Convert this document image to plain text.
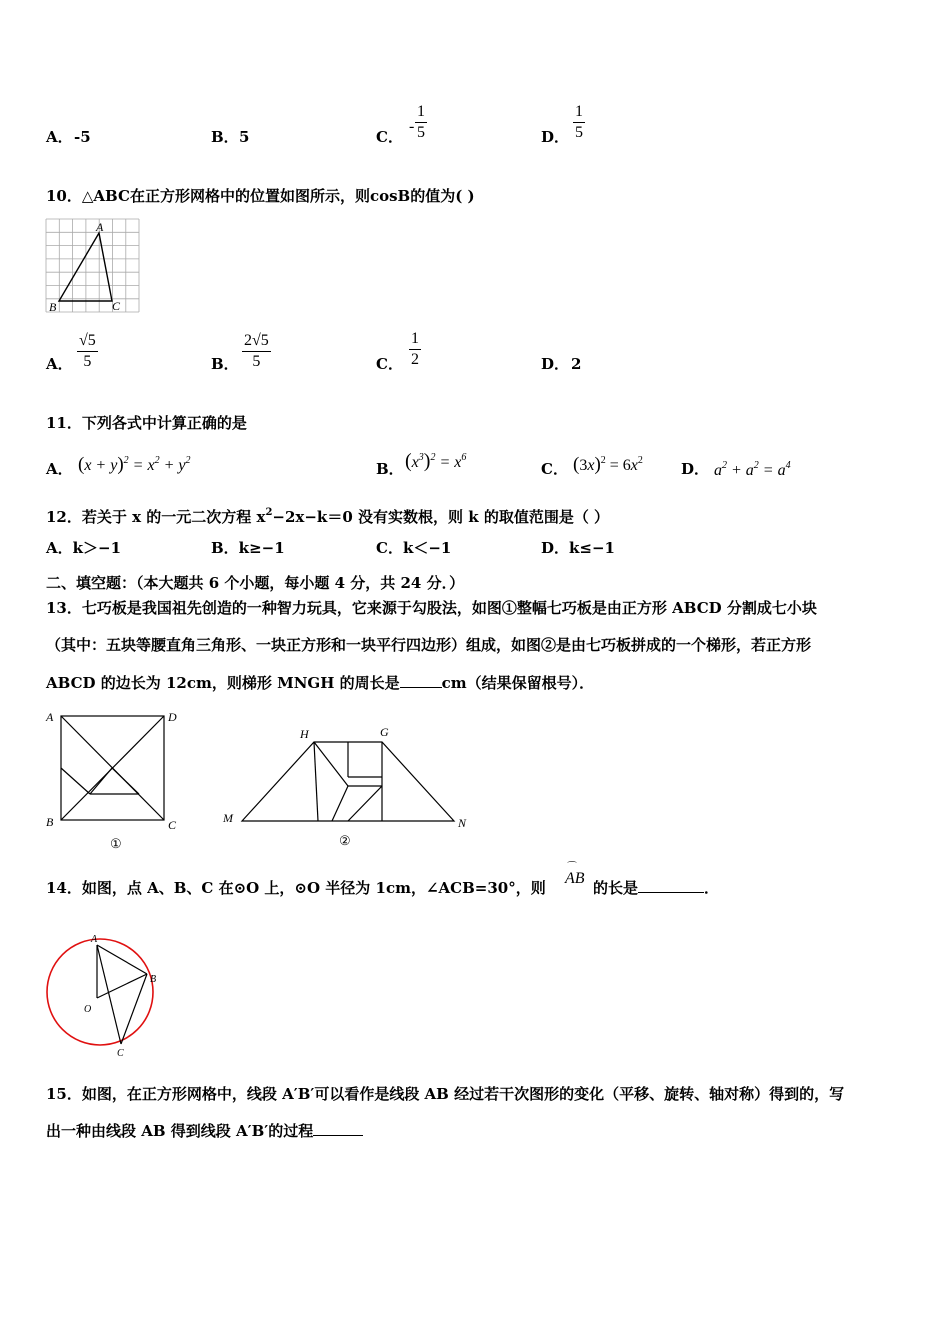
A． -5	B． 5	C．
-
1
5	D．
1
5
10．△ABC在正方形网格中的位置如图所示，则cosB的值为( )
A
B	C
A．
√5
5	B．
2√5
5	C．
1
2	D． 2
11．下列各式中计算正确的是
A． $(x + y)^2 = x^2 + y^2$	B． $(x^3)^2 = x^6$
C． $(3x)^2 = 6x^2$	D． $a^2 + a^2 = a^4$
12．若关于 x 的一元二次方程 $x^2-2x-k=0$ 没有实数根，则 k 的取值范围是（ ）
A．k＞−1	B．k≥−1	C．k＜−1	D．k≤−1
二、填空题：（本大题共 6 个小题，每小题 4 分，共 24 分．）
13．七巧板是我国祖先创造的一种智力玩具，它来源于勾股法，如图①整幅七巧板是由正方形 ABCD 分割成七小块
（其中：五块等腰直角三角形、一块正方形和一块平行四边形）组成，如图②是由七巧板拼成的一个梯形，若正方形
ABCD 的边长为 12cm，则梯形 MNGH 的周长是	cm（结果保留根号）．
A	D
B	C
①
H	G
M	N
②
14．如图，点 A、B、C 在⊙O 上，⊙O 半径为 1cm，∠ACB=30°，则
⌒
AB
的长是	．
A
B
O
C
15．如图，在正方形网格中，线段 A′B′可以看作是线段 AB 经过若干次图形的变化（平移、旋转、轴对称）得到的，写
出一种由线段 AB 得到线段 A′B′的过程
